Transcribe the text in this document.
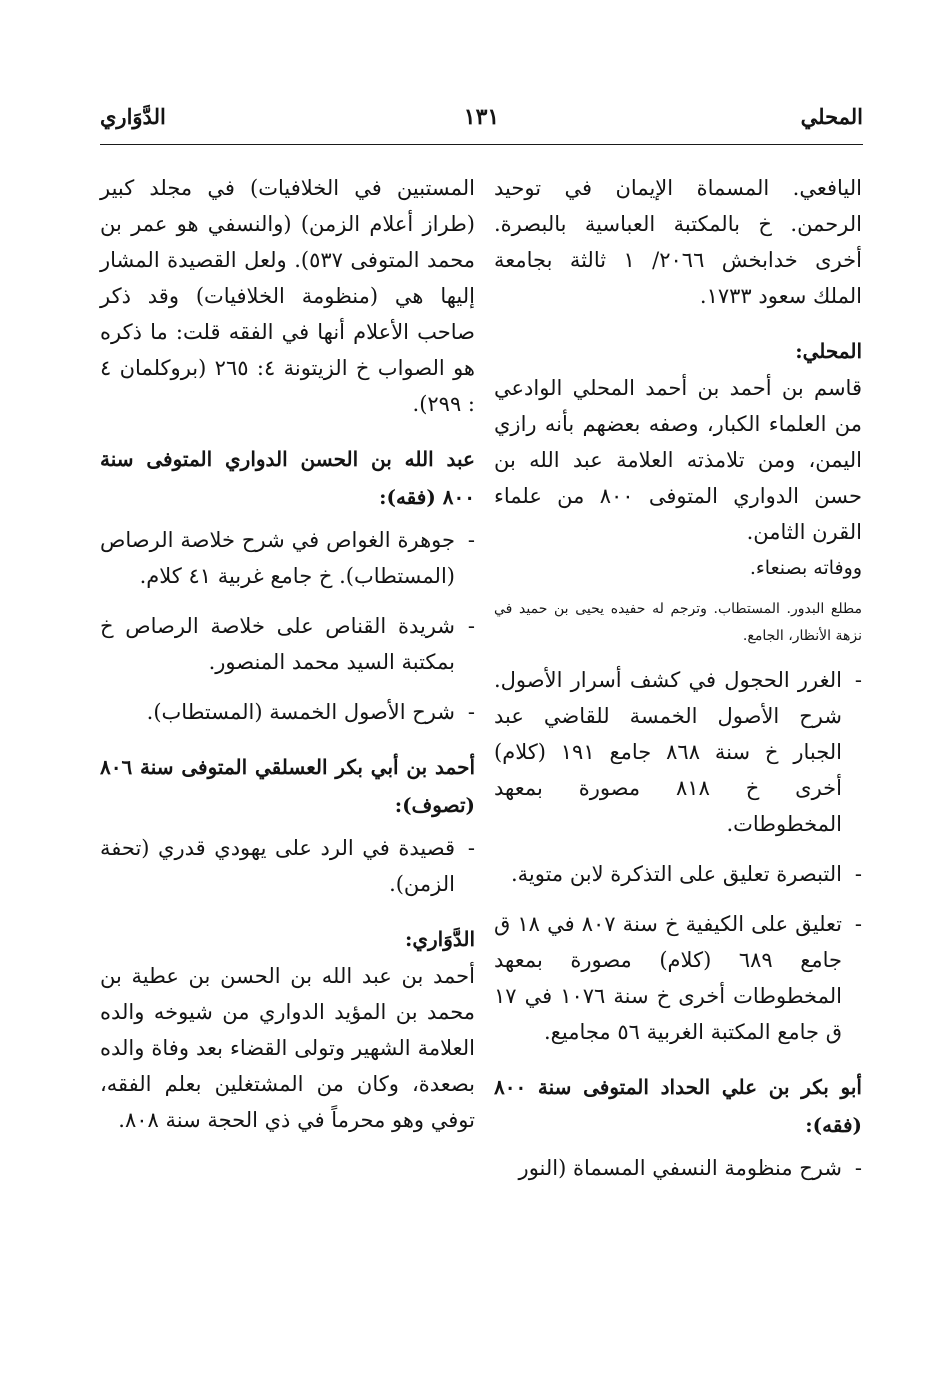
المحلي
١٣١
الدَّوَاري

اليافعي. المسماة الإيمان في توحيد الرحمن. خ بالمكتبة العباسية بالبصرة. أخرى خدابخش ٢٠٦٦/ ١ ثالثة بجامعة الملك سعود ١٧٣٣.

المحلي:

قاسم بن أحمد بن أحمد المحلي الوادعي من العلماء الكبار، وصفه بعضهم بأنه رازي اليمن، ومن تلامذته العلامة عبد الله بن حسن الدواري المتوفى ٨٠٠ من علماء القرن الثامن.

ووفاته بصنعاء.

مطلع البدور. المستطاب. وترجم له حفيده يحيى بن حميد في نزهة الأنظار، الجامع.

-
الغرر الحجول في كشف أسرار الأصول. شرح الأصول الخمسة للقاضي عبد الجبار خ سنة ٨٦٨ جامع ١٩١ (كلام) أخرى خ ٨١٨ مصورة بمعهد المخطوطات.
-
التبصرة تعليق على التذكرة لابن متوية.
-
تعليق على الكيفية خ سنة ٨٠٧ في ١٨ ق جامع ٦٨٩ (كلام) مصورة بمعهد المخطوطات أخرى خ سنة ١٠٧٦ في ١٧ ق جامع المكتبة الغربية ٥٦ مجاميع.

أبو بكر بن علي الحداد المتوفى سنة ٨٠٠ (فقه):

-
شرح منظومة النسفي المسماة (النور

المستبين في الخلافيات) في مجلد كبير (طراز أعلام الزمن) (والنسفي هو عمر بن محمد المتوفى ٥٣٧). ولعل القصيدة المشار إليها هي (منظومة الخلافيات) وقد ذكر صاحب الأعلام أنها في الفقه قلت: ما ذكره هو الصواب خ الزيتونة ٤: ٢٦٥ (بروكلمان ٤ : ٢٩٩).

عبد الله بن الحسن الدواري المتوفى سنة ٨٠٠ (فقه):

-
جوهرة الغواص في شرح خلاصة الرصاص (المستطاب). خ جامع غربية ٤١ كلام.
-
شريدة القناص على خلاصة الرصاص خ بمكتبة السيد محمد المنصور.
-
شرح الأصول الخمسة (المستطاب).

أحمد بن أبي بكر العسلقي المتوفى سنة ٨٠٦ (تصوف):

-
قصيدة في الرد على يهودي قدري (تحفة الزمن).

الدَّوَاري:

أحمد بن عبد الله بن الحسن بن عطية بن محمد بن المؤيد الدواري من شيوخه والده العلامة الشهير وتولى القضاء بعد وفاة والده بصعدة، وكان من المشتغلين بعلم الفقه، توفي وهو محرماً في ذي الحجة سنة ٨٠٨.
